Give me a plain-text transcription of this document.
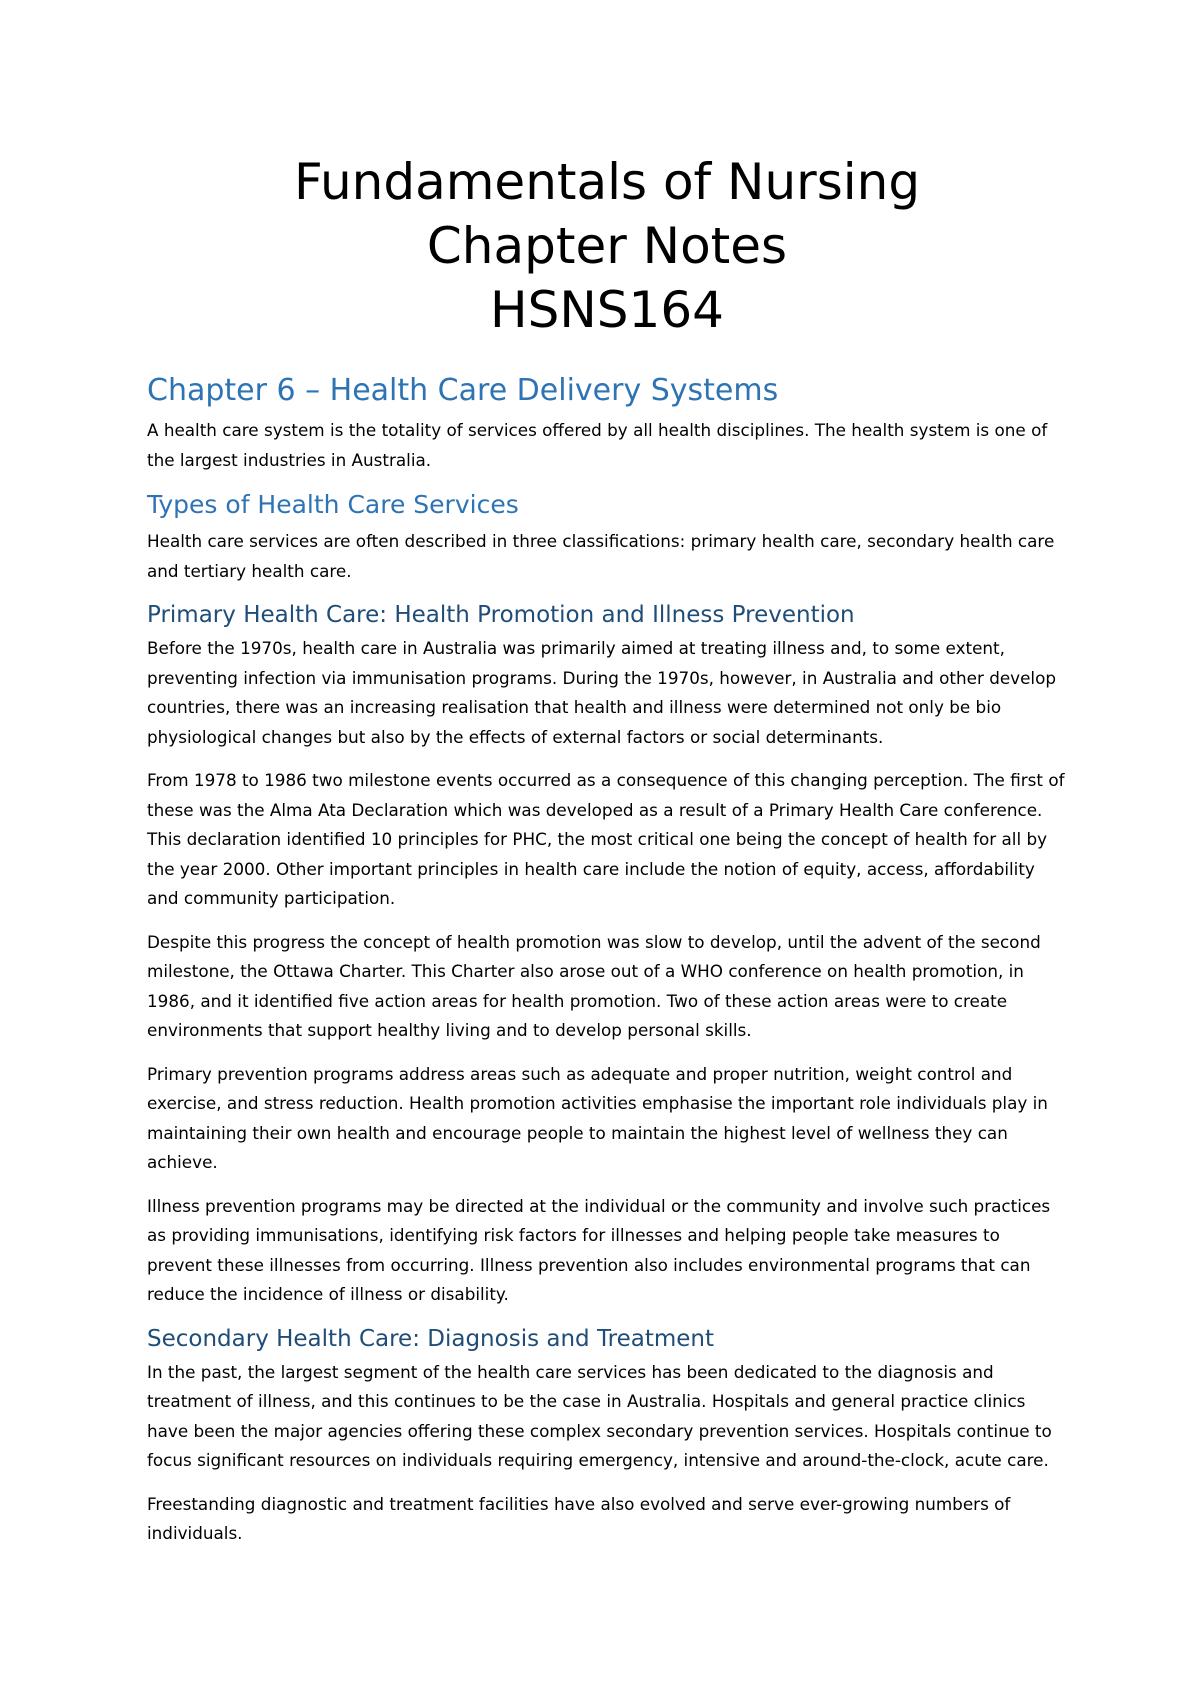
Fundamentals of Nursing

Chapter Notes

HSNS164

Chapter 6 – Health Care Delivery Systems

A health care system is the totality of services offered by all health disciplines. The health system is one of the largest industries in Australia.

Types of Health Care Services

Health care services are often described in three classifications: primary health care, secondary health care and tertiary health care.

Primary Health Care: Health Promotion and Illness Prevention

Before the 1970s, health care in Australia was primarily aimed at treating illness and, to some extent, preventing infection via immunisation programs. During the 1970s, however, in Australia and other develop countries, there was an increasing realisation that health and illness were determined not only be bio physiological changes but also by the effects of external factors or social determinants.

From 1978 to 1986 two milestone events occurred as a consequence of this changing perception. The first of these was the Alma Ata Declaration which was developed as a result of a Primary Health Care conference. This declaration identified 10 principles for PHC, the most critical one being the concept of health for all by the year 2000. Other important principles in health care include the notion of equity, access, affordability and community participation.

Despite this progress the concept of health promotion was slow to develop, until the advent of the second milestone, the Ottawa Charter. This Charter also arose out of a WHO conference on health promotion, in 1986, and it identified five action areas for health promotion. Two of these action areas were to create environments that support healthy living and to develop personal skills.

Primary prevention programs address areas such as adequate and proper nutrition, weight control and exercise, and stress reduction. Health promotion activities emphasise the important role individuals play in maintaining their own health and encourage people to maintain the highest level of wellness they can achieve.

Illness prevention programs may be directed at the individual or the community and involve such practices as providing immunisations, identifying risk factors for illnesses and helping people take measures to prevent these illnesses from occurring. Illness prevention also includes environmental programs that can reduce the incidence of illness or disability.

Secondary Health Care: Diagnosis and Treatment

In the past, the largest segment of the health care services has been dedicated to the diagnosis and treatment of illness, and this continues to be the case in Australia. Hospitals and general practice clinics have been the major agencies offering these complex secondary prevention services. Hospitals continue to focus significant resources on individuals requiring emergency, intensive and around-the-clock, acute care.

Freestanding diagnostic and treatment facilities have also evolved and serve ever-growing numbers of individuals.
